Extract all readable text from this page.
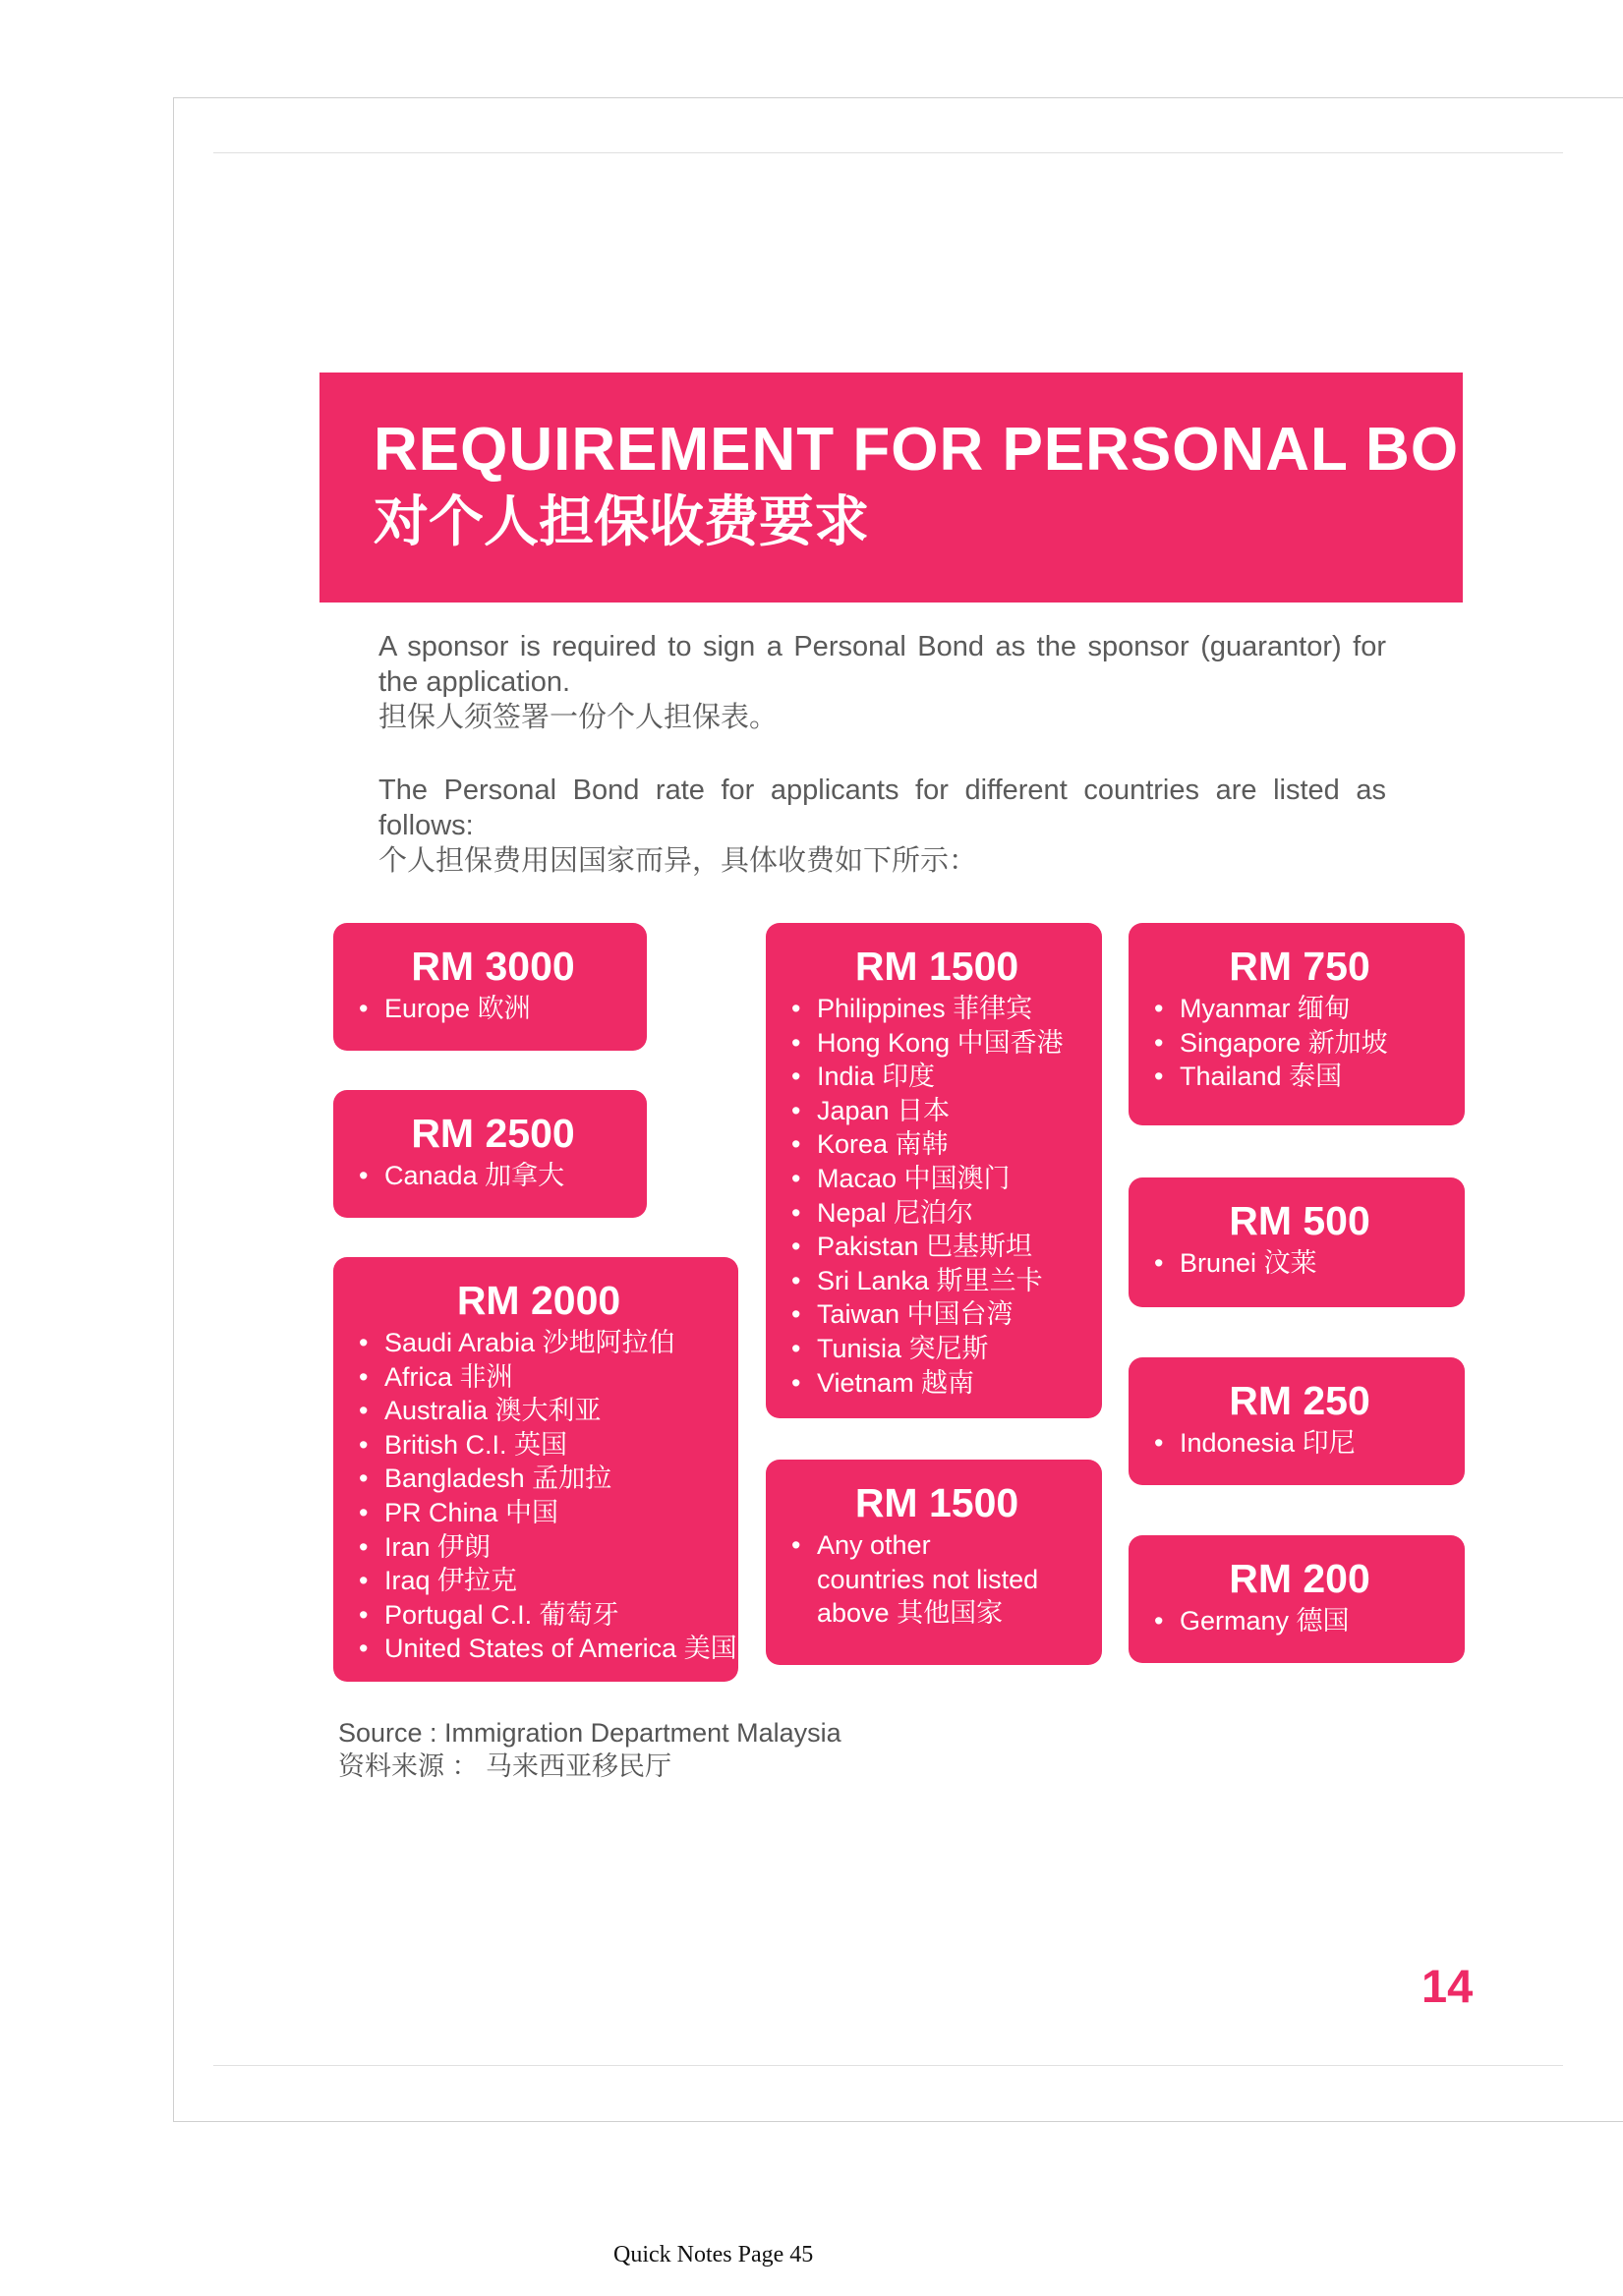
REQUIREMENT FOR PERSONAL BOND
对个人担保收费要求

A sponsor is required to sign a Personal Bond as the sponsor (guarantor) for the application.

担保人须签署一份个人担保表。

The Personal Bond rate for applicants for different countries are listed as follows:

个人担保费用因国家而异，具体收费如下所示：

RM 3000
• Europe 欧洲
RM 2500
• Canada 加拿大
RM 2000
• Saudi Arabia 沙地阿拉伯
• Africa 非洲
• Australia 澳大利亚
• British C.I. 英国
• Bangladesh 孟加拉
• PR China 中国
• Iran 伊朗
• Iraq 伊拉克
• Portugal C.I. 葡萄牙
• United States of America 美国
RM 1500
• Philippines 菲律宾
• Hong Kong 中国香港
• India 印度
• Japan 日本
• Korea 南韩
• Macao 中国澳门
• Nepal 尼泊尔
• Pakistan 巴基斯坦
• Sri Lanka 斯里兰卡
• Taiwan 中国台湾
• Tunisia 突尼斯
• Vietnam 越南
RM 1500
• Any other countries not listed above 其他国家
RM 750
• Myanmar 缅甸
• Singapore 新加坡
• Thailand 泰国
RM 500
• Brunei 汶莱
RM 250
• Indonesia 印尼
RM 200
• Germany 德国

Source : Immigration Department Malaysia

资料来源 ： 马来西亚移民厅

14
Quick Notes Page 45
